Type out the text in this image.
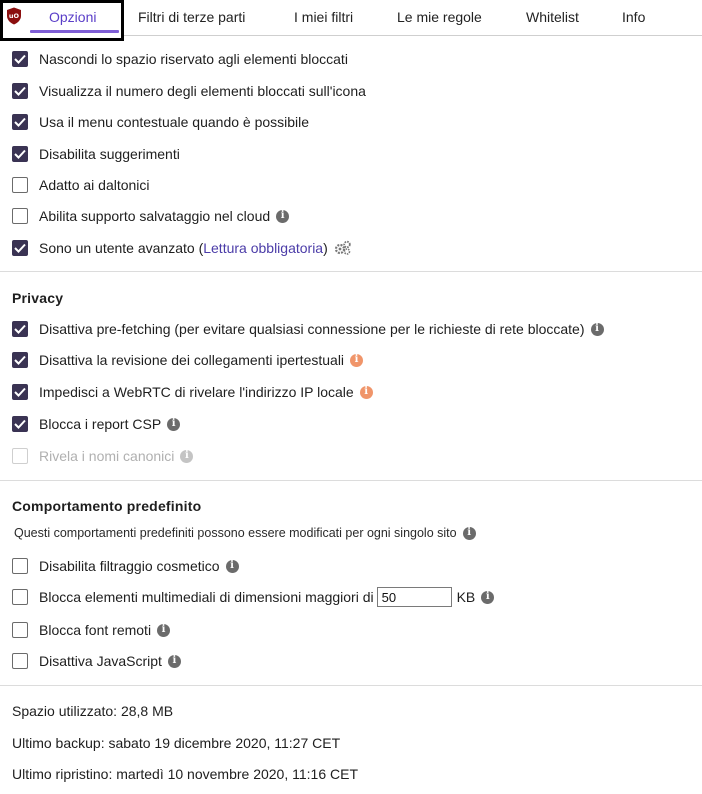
uO Opzioni	Filtri di terze parti	I miei filtri	Le mie regole	Whitelist	Info
Nascondi lo spazio riservato agli elementi bloccati
Visualizza il numero degli elementi bloccati sull'icona
Usa il menu contestuale quando è possibile
Disabilita suggerimenti
Adatto ai daltonici
Abilita supporto salvataggio nel cloud	i
Sono un utente avanzato (Lettura obbligatoria)
Privacy
Disattiva pre-fetching (per evitare qualsiasi connessione per le richieste di rete bloccate)	i
Disattiva la revisione dei collegamenti ipertestuali	i
Impedisci a WebRTC di rivelare l'indirizzo IP locale	i
Blocca i report CSP	i
Rivela i nomi canonici	i
Comportamento predefinito
Questi comportamenti predefiniti possono essere modificati per ogni singolo sito	i
Disabilita filtraggio cosmetico	i
Blocca elementi multimediali di dimensioni maggiori di
50	KB	i
Blocca font remoti	i
Disattiva JavaScript	i
Spazio utilizzato: 28,8 MB
Ultimo backup: sabato 19 dicembre 2020, 11:27 CET
Ultimo ripristino: martedì 10 novembre 2020, 11:16 CET
